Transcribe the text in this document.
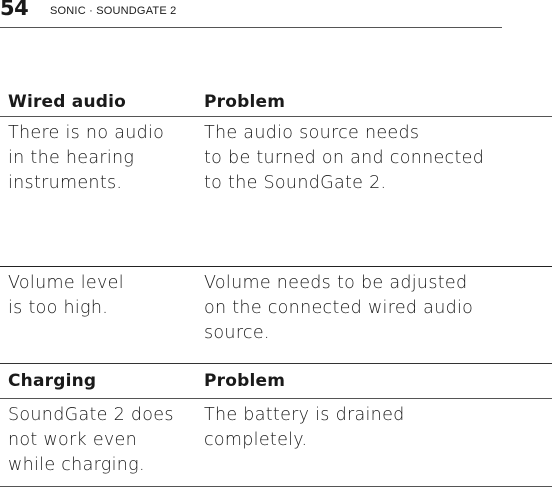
54 SONIC · SOUNDGATE 2
Wired audio	Problem
There is no audio
in the hearing
instruments.
The audio source needs
to be turned on and connected
to the SoundGate 2.
Volume level
is too high.
Volume needs to be adjusted
on the connected wired audio
source.
Charging	Problem
SoundGate 2 does
not work even
while charging.
The battery is drained
completely.
